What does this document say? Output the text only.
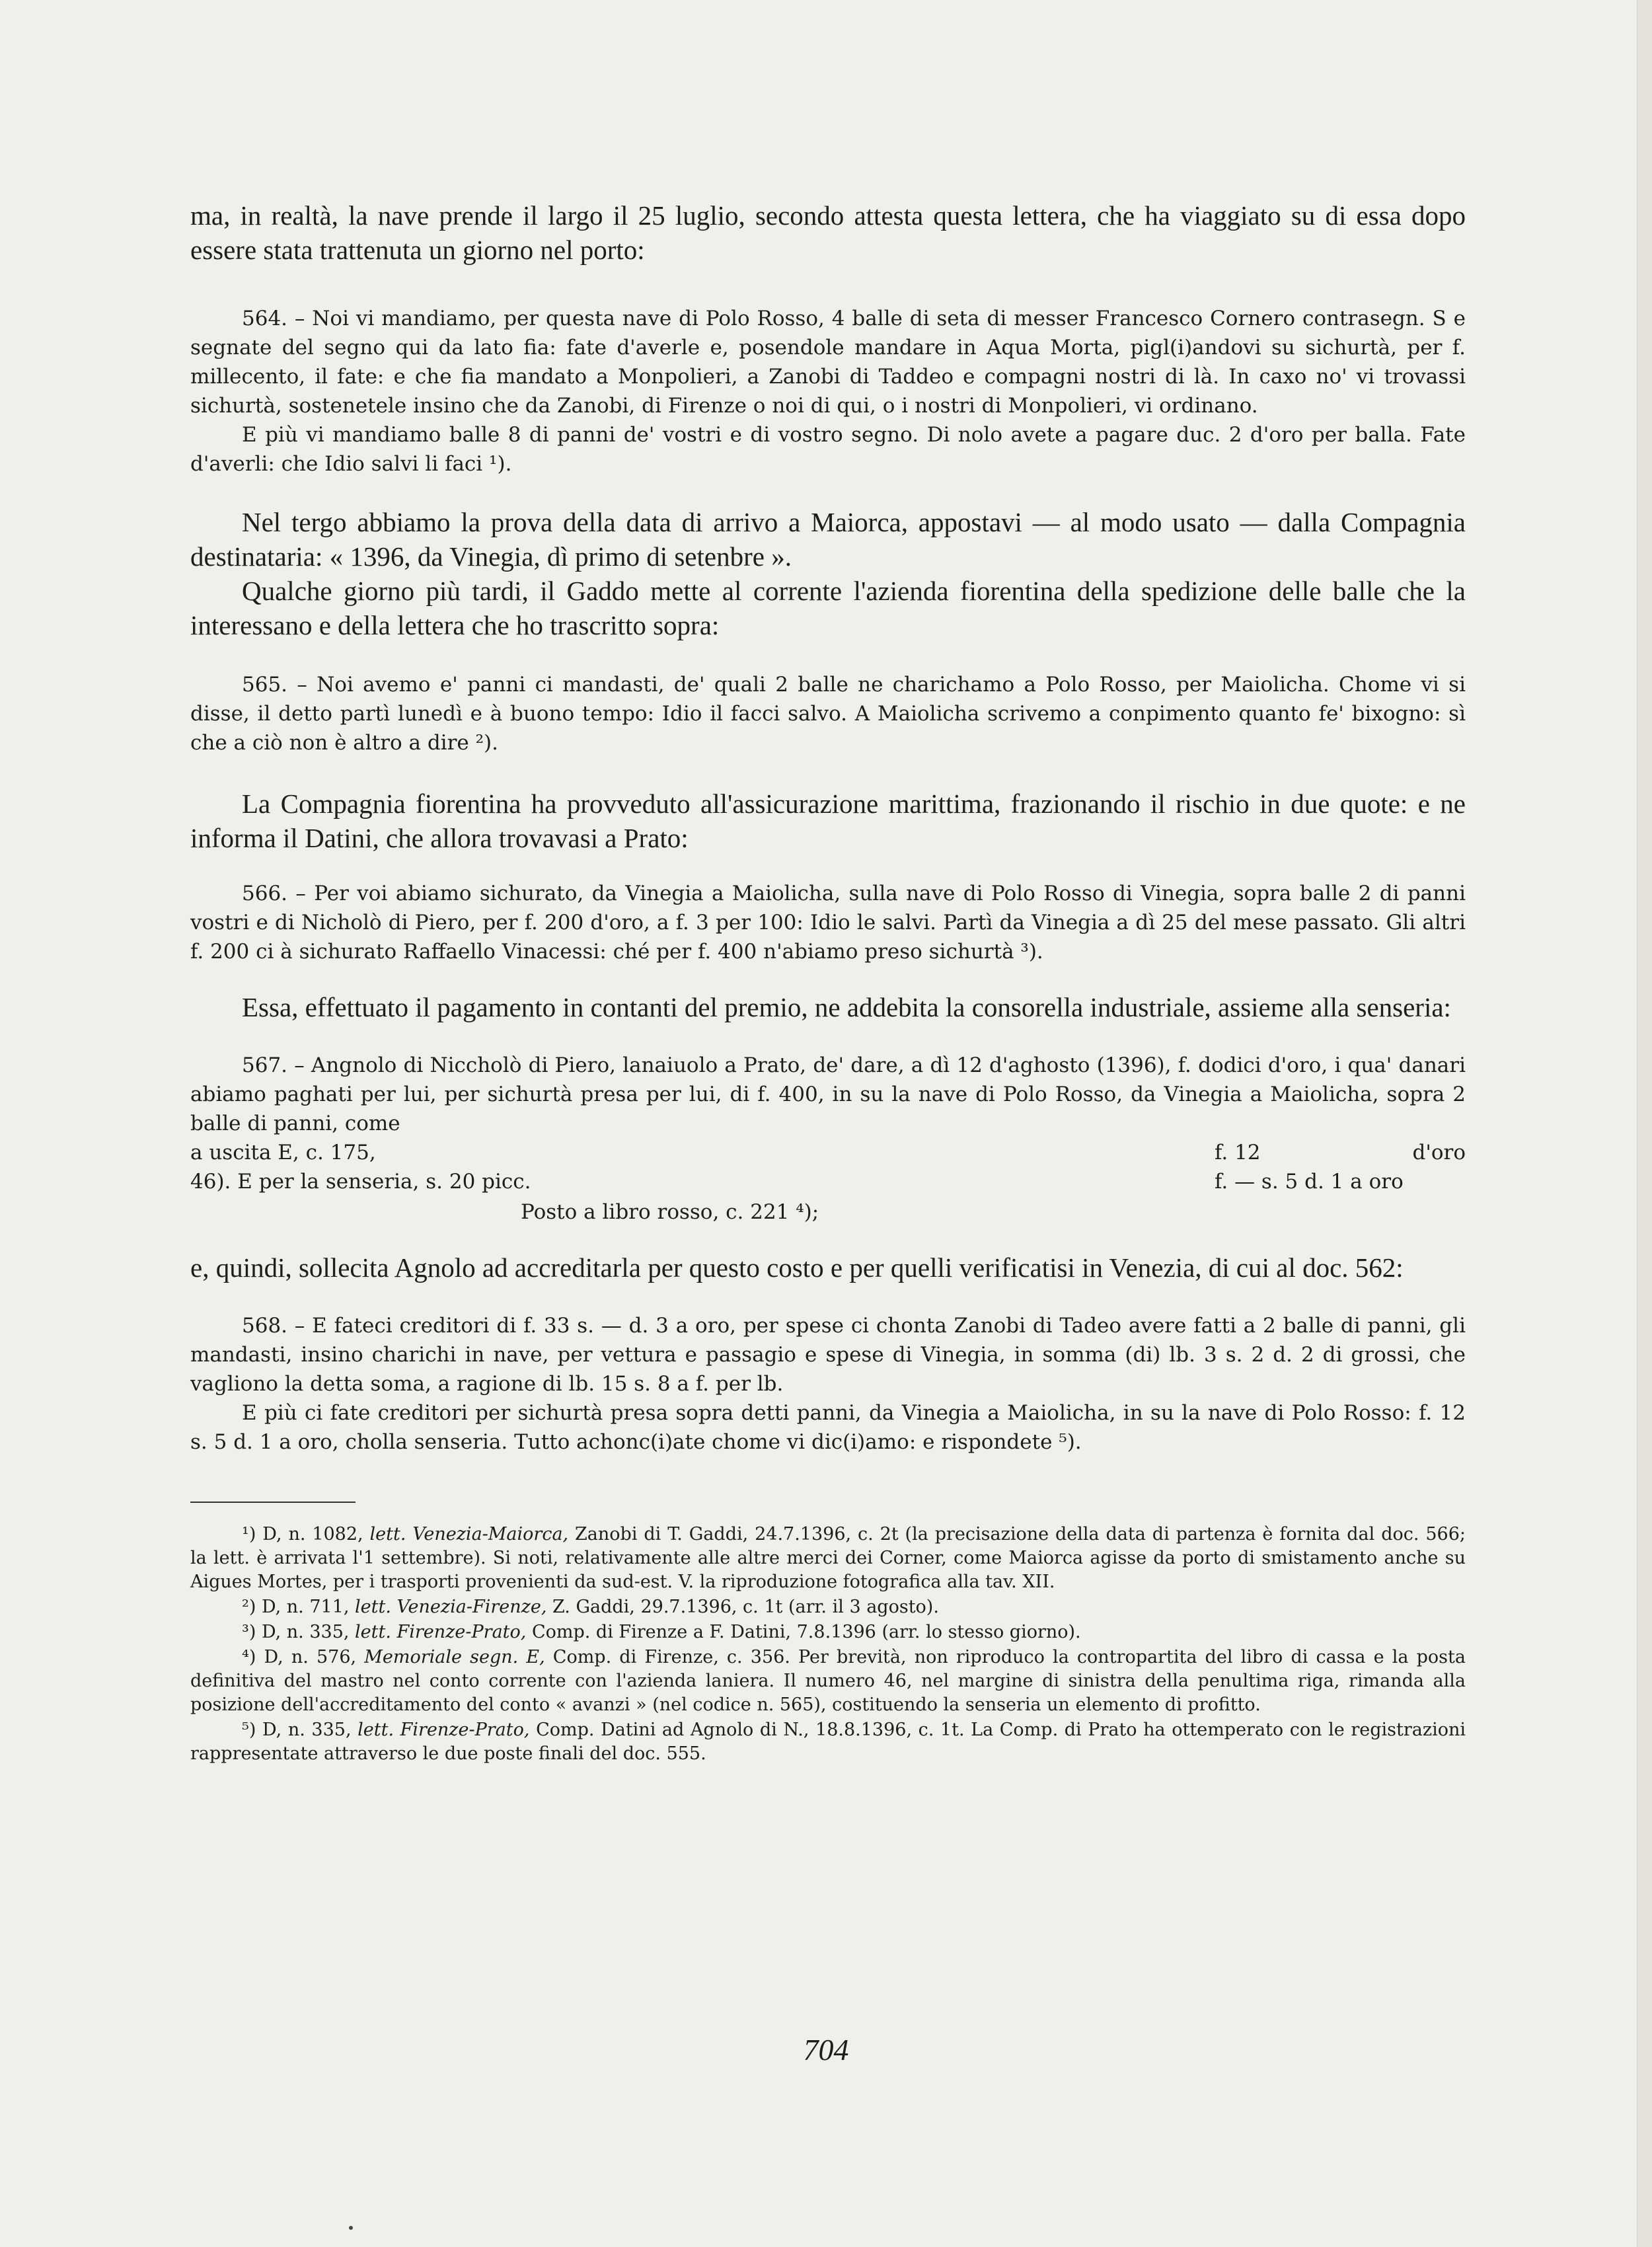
ma, in realtà, la nave prende il largo il 25 luglio, secondo attesta questa lettera, che ha viaggiato su di essa dopo essere stata trattenuta un giorno nel porto:

564. – Noi vi mandiamo, per questa nave di Polo Rosso, 4 balle di seta di messer Francesco Cornero contrasegn. S e segnate del segno qui da lato fia: fate d'averle e, posendole mandare in Aqua Morta, pigl(i)andovi su sichurtà, per f. millecento, il fate: e che fia mandato a Monpolieri, a Zanobi di Taddeo e compagni nostri di là. In caxo no' vi trovassi sichurtà, sostenetele insino che da Zanobi, di Firenze o noi di qui, o i nostri di Monpolieri, vi ordinano.

E più vi mandiamo balle 8 di panni de' vostri e di vostro segno. Di nolo avete a pagare duc. 2 d'oro per balla. Fate d'averli: che Idio salvi li faci ¹).

Nel tergo abbiamo la prova della data di arrivo a Maiorca, appostavi — al modo usato — dalla Compagnia destinataria: « 1396, da Vinegia, dì primo di setenbre ».

Qualche giorno più tardi, il Gaddo mette al corrente l'azienda fiorentina della spedizione delle balle che la interessano e della lettera che ho trascritto sopra:

565. – Noi avemo e' panni ci mandasti, de' quali 2 balle ne charichamo a Polo Rosso, per Maiolicha. Chome vi si disse, il detto partì lunedì e à buono tempo: Idio il facci salvo. A Maiolicha scrivemo a conpimento quanto fe' bixogno: sì che a ciò non è altro a dire ²).

La Compagnia fiorentina ha provveduto all'assicurazione marittima, frazionando il rischio in due quote: e ne informa il Datini, che allora trovavasi a Prato:

566. – Per voi abiamo sichurato, da Vinegia a Maiolicha, sulla nave di Polo Rosso di Vinegia, sopra balle 2 di panni vostri e di Nicholò di Piero, per f. 200 d'oro, a f. 3 per 100: Idio le salvi. Partì da Vinegia a dì 25 del mese passato. Gli altri f. 200 ci à sichurato Raffaello Vinacessi: ché per f. 400 n'abiamo preso sichurtà ³).

Essa, effettuato il pagamento in contanti del premio, ne addebita la consorella industriale, assieme alla senseria:

567. – Angnolo di Niccholò di Piero, lanaiuolo a Prato, de' dare, a dì 12 d'aghosto (1396), f. dodici d'oro, i qua' danari abiamo paghati per lui, per sichurtà presa per lui, di f. 400, in su la nave di Polo Rosso, da Vinegia a Maiolicha, sopra 2 balle di panni, come

a uscita E, c. 175,	f. 12	d'oro
46). E per la senseria, s. 20 picc.	f. — s. 5 d. 1 a oro
Posto a libro rosso, c. 221 ⁴);

e, quindi, sollecita Agnolo ad accreditarla per questo costo e per quelli verificatisi in Venezia, di cui al doc. 562:

568. – E fateci creditori di f. 33 s. — d. 3 a oro, per spese ci chonta Zanobi di Tadeo avere fatti a 2 balle di panni, gli mandasti, insino charichi in nave, per vettura e passagio e spese di Vinegia, in somma (di) lb. 3 s. 2 d. 2 di grossi, che vagliono la detta soma, a ragione di lb. 15 s. 8 a f. per lb.

E più ci fate creditori per sichurtà presa sopra detti panni, da Vinegia a Maiolicha, in su la nave di Polo Rosso: f. 12 s. 5 d. 1 a oro, cholla senseria. Tutto achonc(i)ate chome vi dic(i)amo: e rispondete ⁵).

¹) D, n. 1082, lett. Venezia-Maiorca, Zanobi di T. Gaddi, 24.7.1396, c. 2t (la precisazione della data di partenza è fornita dal doc. 566; la lett. è arrivata l'1 settembre). Si noti, relativamente alle altre merci dei Corner, come Maiorca agisse da porto di smistamento anche su Aigues Mortes, per i trasporti provenienti da sud-est. V. la riproduzione fotografica alla tav. XII.

²) D, n. 711, lett. Venezia-Firenze, Z. Gaddi, 29.7.1396, c. 1t (arr. il 3 agosto).

³) D, n. 335, lett. Firenze-Prato, Comp. di Firenze a F. Datini, 7.8.1396 (arr. lo stesso giorno).

⁴) D, n. 576, Memoriale segn. E, Comp. di Firenze, c. 356. Per brevità, non riproduco la contropartita del libro di cassa e la posta definitiva del mastro nel conto corrente con l'azienda laniera. Il numero 46, nel margine di sinistra della penultima riga, rimanda alla posizione dell'accreditamento del conto « avanzi » (nel codice n. 565), costituendo la senseria un elemento di profitto.

⁵) D, n. 335, lett. Firenze-Prato, Comp. Datini ad Agnolo di N., 18.8.1396, c. 1t. La Comp. di Prato ha ottemperato con le registrazioni rappresentate attraverso le due poste finali del doc. 555.

704
